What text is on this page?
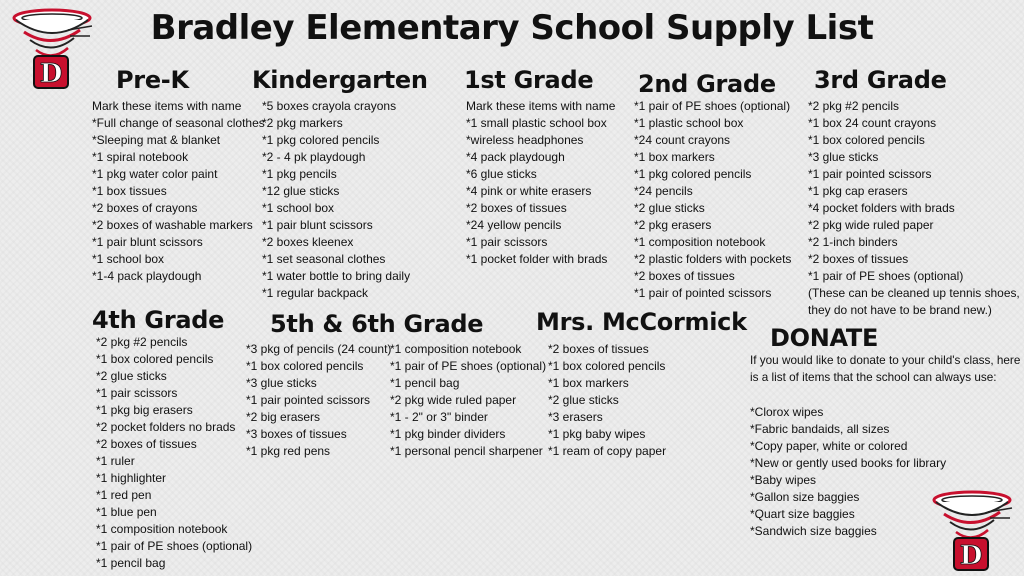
Bradley Elementary School Supply List
D
D
Pre-K
Mark these items with name
*Full change of seasonal clothes
*Sleeping mat & blanket
*1 spiral notebook
*1 pkg water color paint
*1 box tissues
*2 boxes of crayons
*2 boxes of washable markers
*1 pair blunt scissors
*1 school box
*1-4 pack playdough
Kindergarten
*5 boxes crayola crayons
*2 pkg markers
*1 pkg colored pencils
*2 - 4 pk playdough
*1 pkg pencils
*12 glue sticks
*1 school box
*1 pair blunt scissors
*2 boxes kleenex
*1 set seasonal clothes
*1 water bottle to bring daily
*1 regular backpack
1st Grade
Mark these items with name
*1 small plastic school box
*wireless headphones
*4 pack playdough
*6 glue sticks
*4 pink or white erasers
*2 boxes of tissues
*24 yellow pencils
*1 pair scissors
*1 pocket folder with brads
2nd Grade
*1 pair of PE shoes (optional)
*1 plastic school box
*24 count crayons
*1 box markers
*1 pkg colored pencils
*24 pencils
*2 glue sticks
*2 pkg erasers
*1 composition notebook
*2 plastic folders with pockets
*2 boxes of tissues
*1 pair of pointed scissors
3rd Grade
*2 pkg #2 pencils
*1 box 24 count crayons
*1 box colored pencils
*3 glue sticks
*1 pair pointed scissors
*1 pkg cap erasers
*4 pocket folders with brads
*2 pkg wide ruled paper
*2 1-inch binders
*2 boxes of tissues
*1 pair of PE shoes (optional)
(These can be cleaned up tennis shoes,
they do not have to be brand new.)
4th Grade
*2 pkg #2 pencils
*1 box colored pencils
*2 glue sticks
*1 pair scissors
*1 pkg big erasers
*2 pocket folders no brads
*2 boxes of tissues
*1 ruler
*1 highlighter
*1 red pen
*1 blue pen
*1 composition notebook
*1 pair of PE shoes (optional)
*1 pencil bag
5th & 6th Grade
*3 pkg of pencils (24 count)
*1 box colored pencils
*3 glue sticks
*1 pair pointed scissors
*2 big erasers
*3 boxes of tissues
*1 pkg red pens
*1 composition notebook
*1 pair of PE shoes (optional)
*1 pencil bag
*2 pkg wide ruled paper
*1 - 2" or 3" binder
*1 pkg binder dividers
*1 personal pencil sharpener
Mrs. McCormick
*2 boxes of tissues
*1 box colored pencils
*1 box markers
*2 glue sticks
*3 erasers
*1 pkg baby wipes
*1 ream of copy paper
DONATE
If you would like to donate to your child's class, here
is a list of items that the school can always use:
*Clorox wipes
*Fabric bandaids, all sizes
*Copy paper, white or colored
*New or gently used books for library
*Baby wipes
*Gallon size baggies
*Quart size baggies
*Sandwich size baggies
